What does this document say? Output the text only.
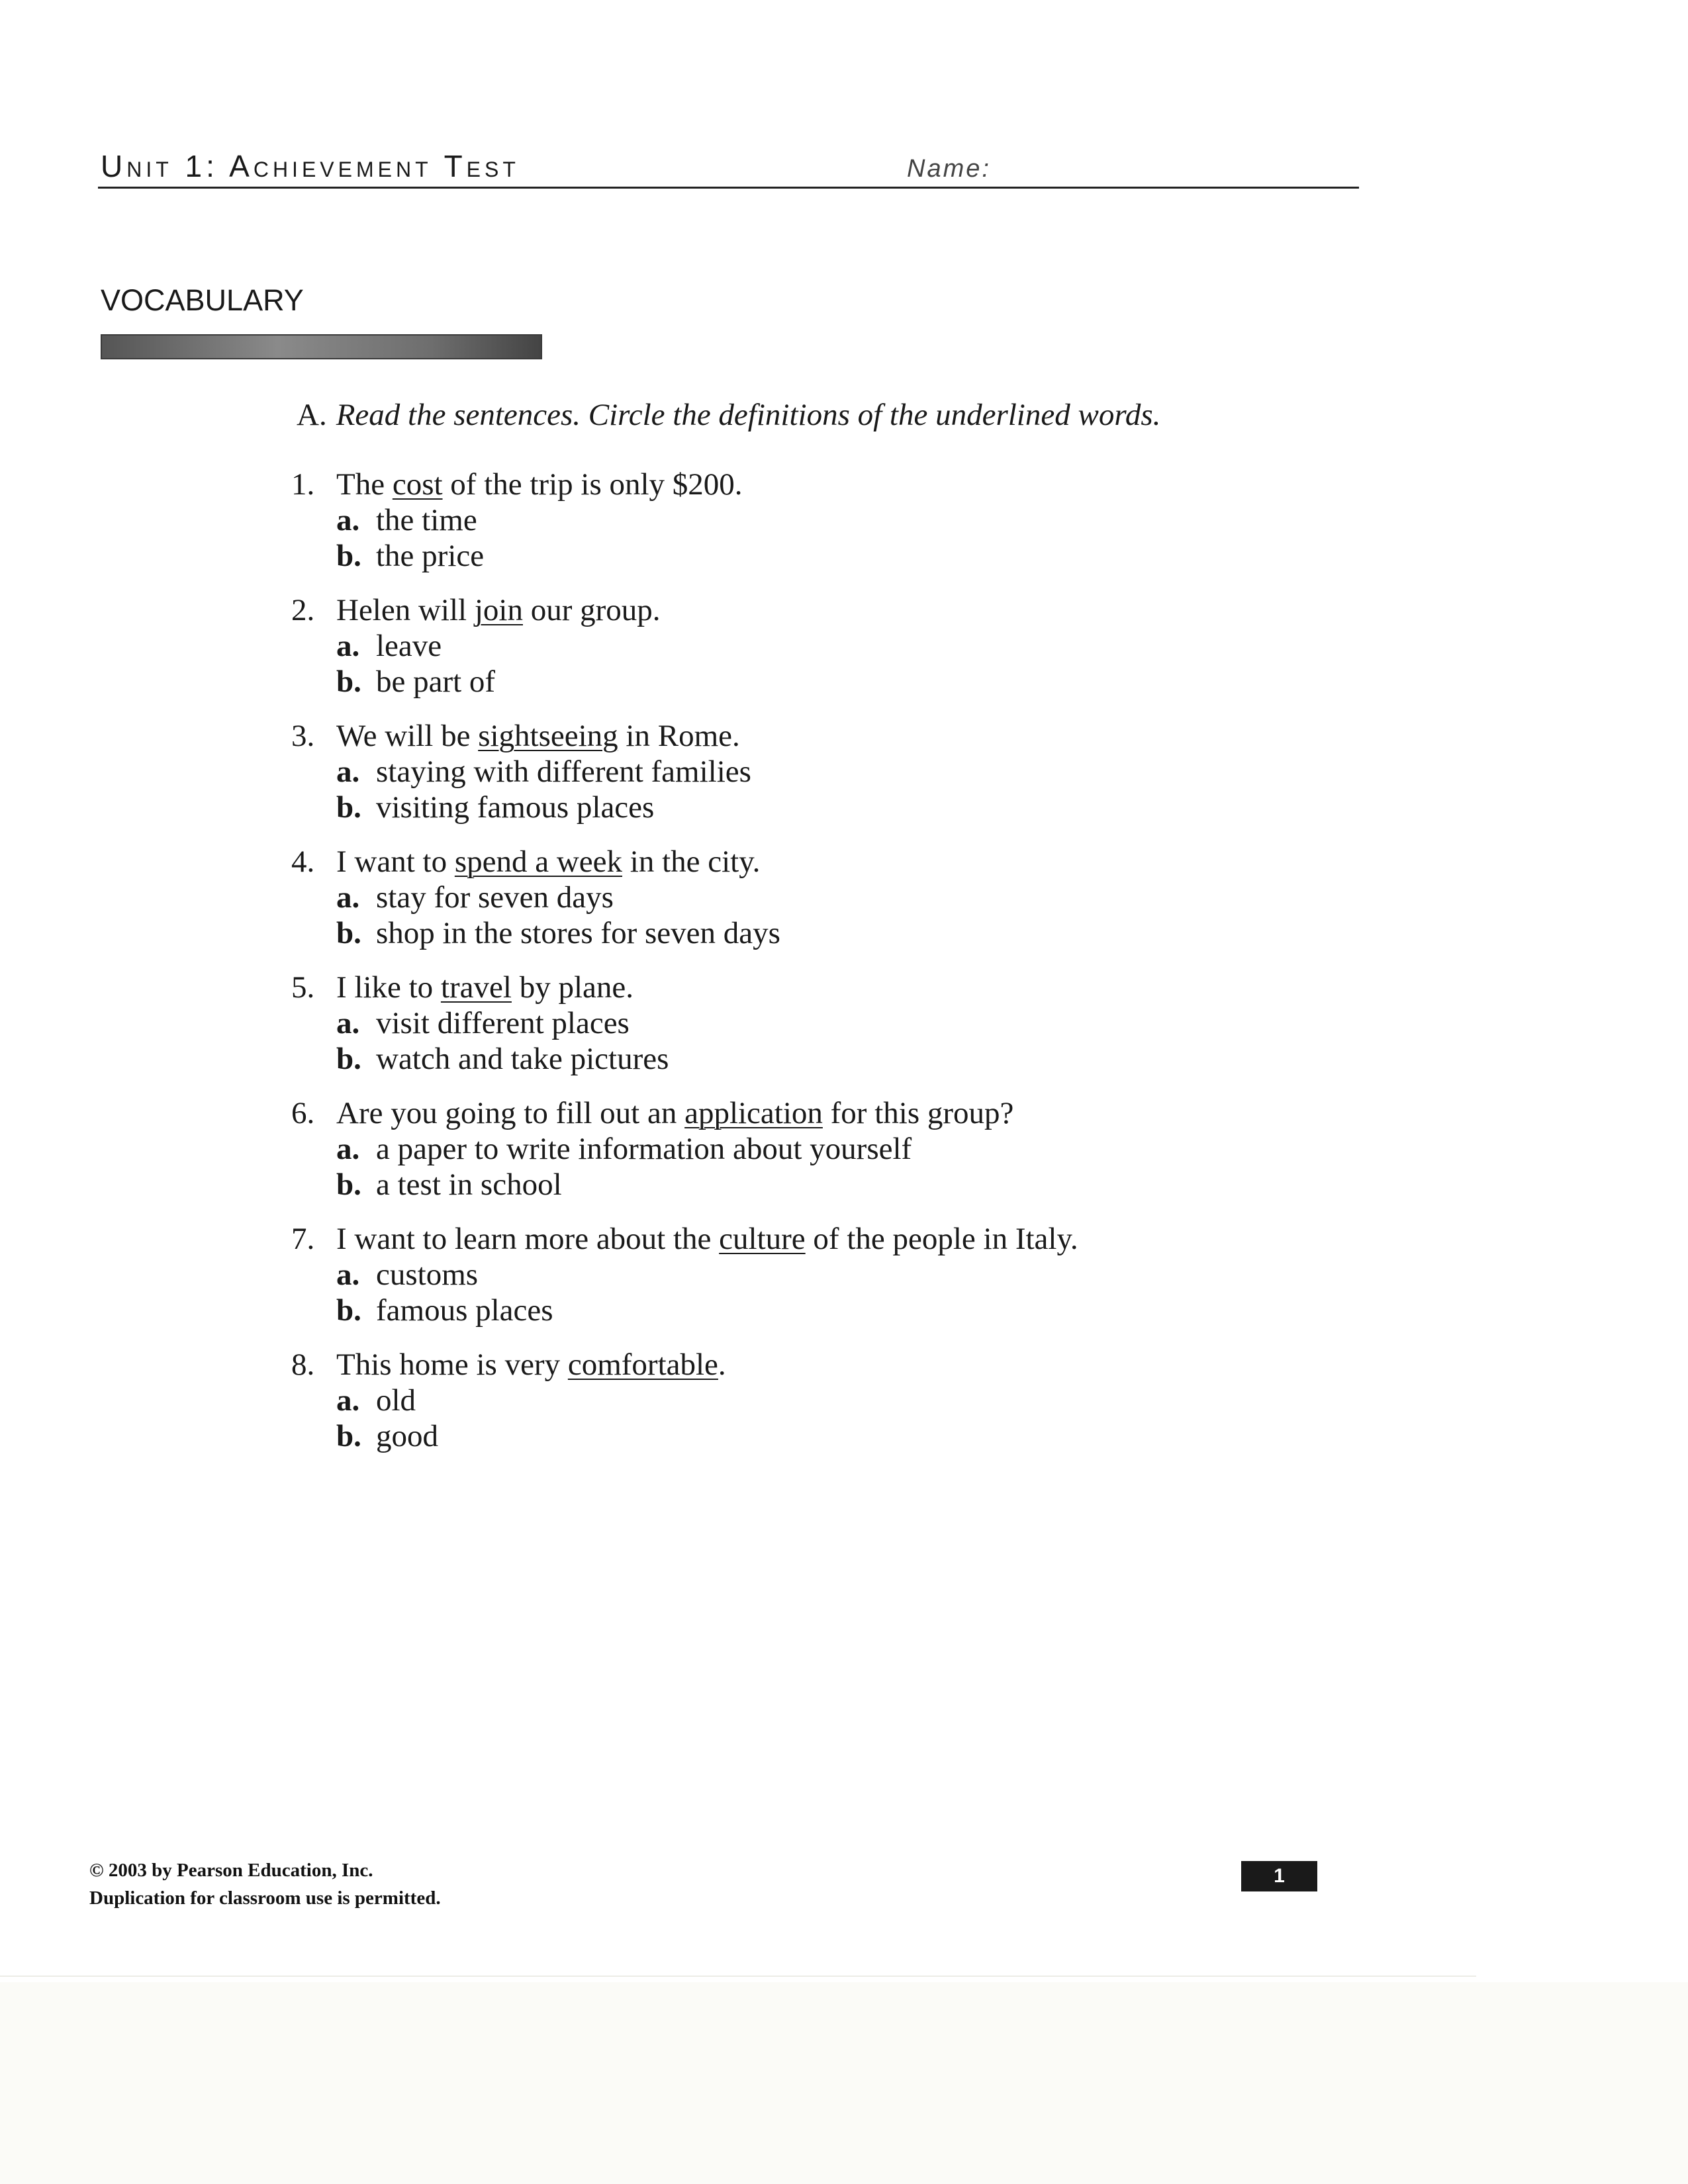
Unit 1: Achievement Test	Name:
VOCABULARY
A. Read the sentences. Circle the definitions of the underlined words.
1. The cost of the trip is only $200.
a. the time
b. the price
2. Helen will join our group.
a. leave
b. be part of
3. We will be sightseeing in Rome.
a. staying with different families
b. visiting famous places
4. I want to spend a week in the city.
a. stay for seven days
b. shop in the stores for seven days
5. I like to travel by plane.
a. visit different places
b. watch and take pictures
6. Are you going to fill out an application for this group?
a. a paper to write information about yourself
b. a test in school
7. I want to learn more about the culture of the people in Italy.
a. customs
b. famous places
8. This home is very comfortable.
a. old
b. good
© 2003 by Pearson Education, Inc.
Duplication for classroom use is permitted.
1
